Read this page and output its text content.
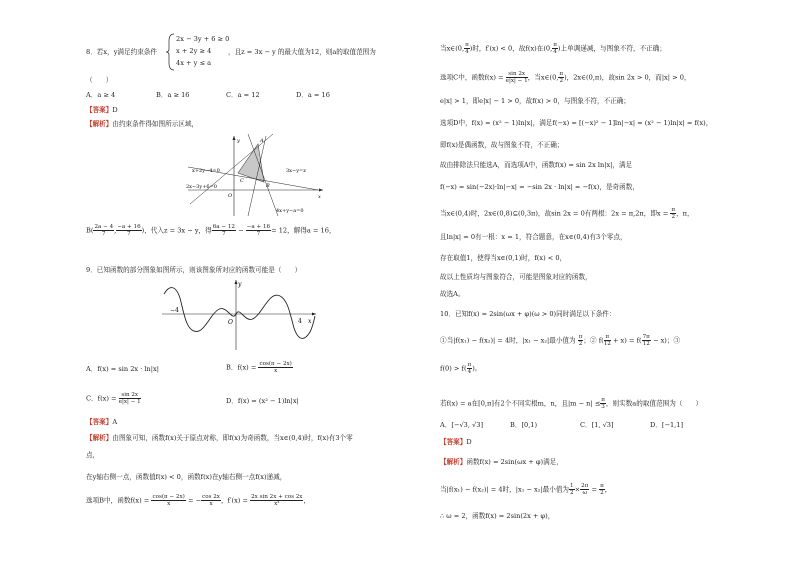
8．若x，y满足约束条件
2x − 3y + 6 ≥ 0
x + 2y ≥ 4
4x + y ≤ a
，且z = 3x − y 的最大值为12，则a的取值范围为
（　　）
A．a ≥ 4	B．a ≥ 16	C．a = 12	D．a = 16
【答案】D
【解析】由约束条件得如图所示区域，
x+2y−4=0
2x−3y+6=0
3x−y=z
4x+y−a=0
y
x
O
C
B
A
$B( \frac{2a - 4}{7}$ , $\frac{-a + 16}{7}$ )，代入z = 3x − y，得 $\frac{6a - 12}{7} - \frac{-a + 16}{7} = 12$，解得a = 16，
9．已知函数的部分图象如图所示，则该图象所对应的函数可能是（　　）
y
O
−4
4 x
A．f(x) = sin 2x · ln|x|	B．$f(x) = \frac{\cos(\pi - 2x)}{x}$
C．$f(x) = \frac{\sin 2x}{e|x| - 1}$	D．f(x) = (x² − 1)ln|x|
【答案】A
【解析】由图象可知，函数f(x)关于原点对称，即f(x)为奇函数，当x∈(0,4)时，f(x)有3个零
点，
在y轴右侧一点，函数值f(x) < 0，函数f(x)在y轴右侧一点f(x)递减，
选项B中，函数$f(x) = \frac{\cos(\pi - 2x)}{x}$ = − $\frac{\cos 2x}{x}$ ，$f'(x) = \frac{\text{2x sin 2x + cos 2x}}{\text{x²}}$ ，
当x∈(0, $\frac{\pi}{4}$ )时，f′(x) < 0，故f(x)在(0, $\frac{\pi}{4}$ )上单调递减，与图象不符，不正确；
选项C中，函数$f(x) = \frac{\sin 2x}{e|x| - 1}$ ，当x∈(0, $\frac{\pi}{2}$ )，2x∈(0,π)，故sin 2x > 0，而|x| > 0，
e|x| > 1，即e|x| − 1 > 0，故f(x) > 0，与图象不符，不正确；
选项D中，f(x) = (x² − 1)ln|x|，满足f(−x) = [(−x)² − 1]ln|−x| = (x² − 1)ln|x| = f(x)，
即f(x)是偶函数，故与图象不符，不正确；
故由排除法只能选A，而选项A中，函数f(x) = sin 2x ln|x|，满足
f(−x) = sin(−2x)·ln|−x| = −sin 2x · ln|x| = −f(x)，是奇函数，
当x∈(0,4)时，2x∈(0,8)⊆(0,3π)，故sin 2x = 0有两根：2x = π,2π，即$x = \frac{\pi}{2}$ ，π，
且ln|x| = 0有一根：x = 1，符合题意，在x∈(0,4)有3个零点，
存在取值1，使得当x∈(0,1)时，f(x) < 0，
故以上性质均与图象符合，可能是图象对应的函数，
故选A。
10．已知f(x) = 2sin(ωx + φ)(ω > 0)同时满足以下条件：
①当|f(x₁) − f(x₂)| = 4时，|x₁ − x₂|最小值为 $\frac{\pi}{2}$ ；② $f( \frac{\pi}{12} + x) = f( \frac{7\pi}{12} - x)$；③
$f(0) > f( \frac{\pi}{4}$ )。
若f(x) = a在[0,π]有2个不同实根m，n，且$|m - n| \le \frac{\pi}{3}$ ，则实数a的取值范围为（　　）
A．[−√3, √3]	B．[0,1)	C．[1, √3]	D．[−1,1]
【答案】D
【解析】函数f(x) = 2sin(ωx + φ)满足，
当|f(x₁) − f(x₂)| = 4时，|x₁ − x₂|最小值为 $\frac{1}{2} \times \frac{2\pi}{\omega} = \frac{\pi}{2}$ ，
∴ ω = 2，函数f(x) = 2sin(2x + φ)，
